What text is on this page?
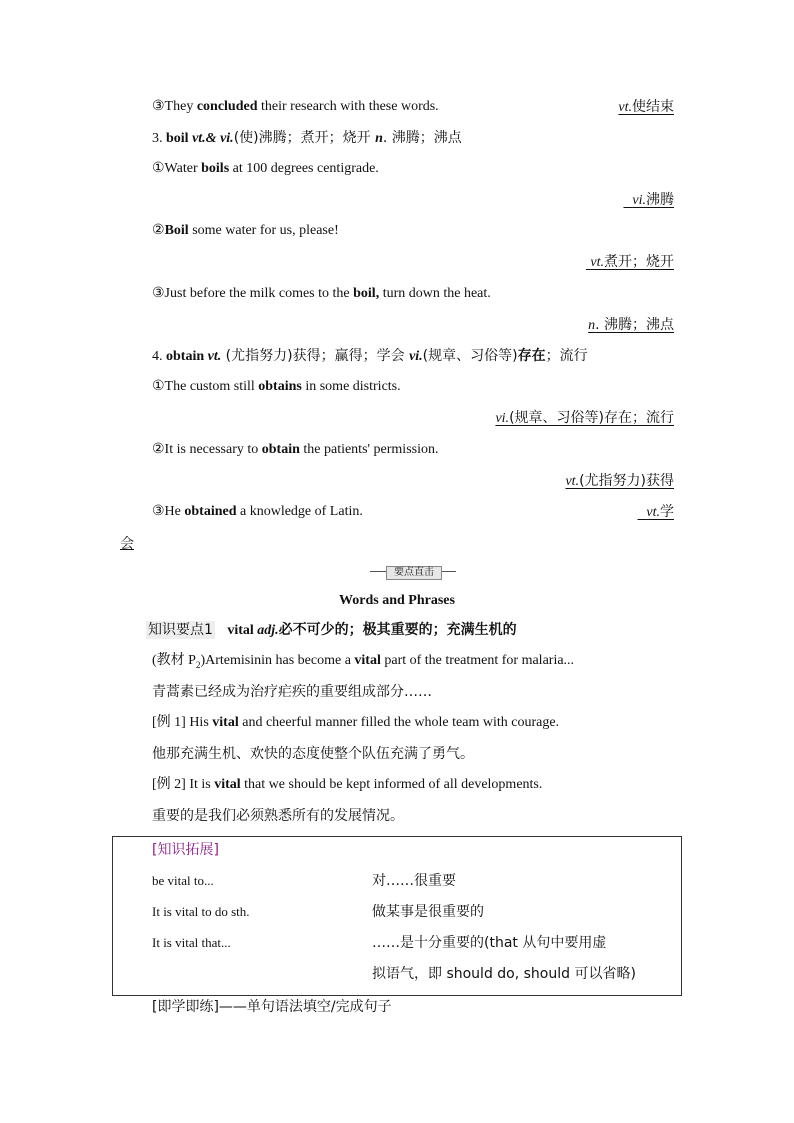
③They concluded their research with these words.	vt.使结束
3. boil vt.& vi.(使)沸腾；煮开；烧开 n. 沸腾；沸点
①Water boils at 100 degrees centigrade.
vi.沸腾
②Boil some water for us, please!
vt.煮开；烧开
③Just before the milk comes to the boil, turn down the heat.
n. 沸腾；沸点
4. obtain vt. (尤指努力)获得；赢得；学会 vi.(规章、习俗等)存在；流行
①The custom still obtains in some districts.
vi.(规章、习俗等)存在；流行
②It is necessary to obtain the patients' permission.
vt.(尤指努力)获得
③He obtained a knowledge of Latin.	vt.学
会
要点直击
Words and Phrases
知识要点1 vital adj.必不可少的；极其重要的；充满生机的
(教材 $P_2)Artemisinin$ has become a vital part of the treatment for malaria...
青蒿素已经成为治疗疟疾的重要组成部分……
[例 1] His vital and cheerful manner filled the whole team with courage.
他那充满生机、欢快的态度使整个队伍充满了勇气。
[例 2] It is vital that we should be kept informed of all developments.
重要的是我们必须熟悉所有的发展情况。
[知识拓展]
be vital to...	对……很重要
It is vital to do sth.	做某事是很重要的
It is vital that...	……是十分重要的(that 从句中要用虚
拟语气，即 should do, should 可以省略)
[即学即练]——单句语法填空/完成句子
